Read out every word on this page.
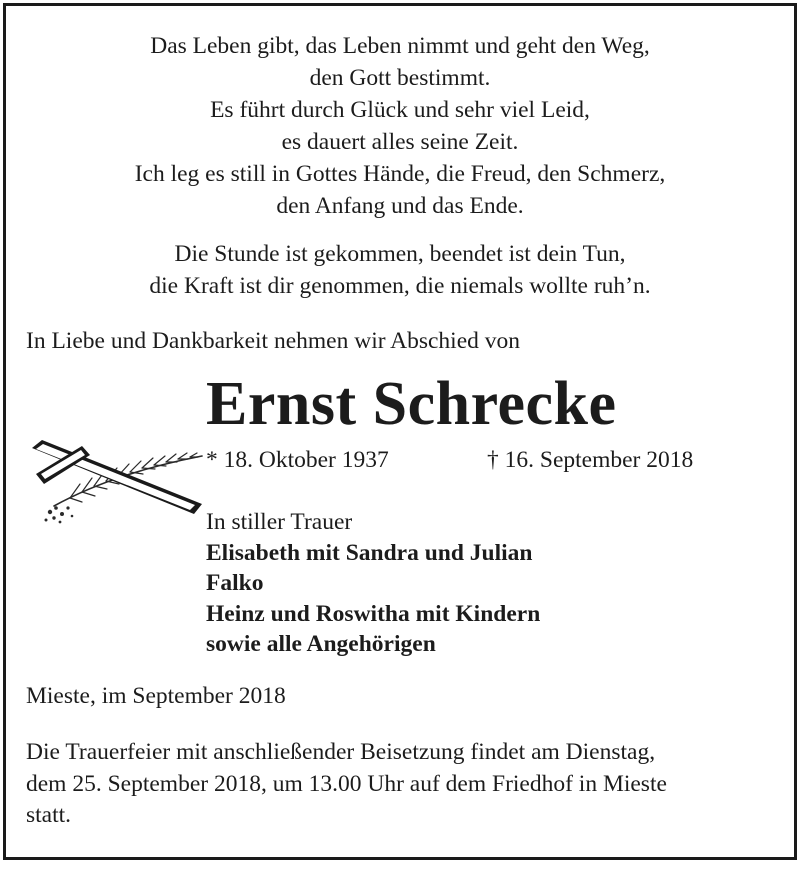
Das Leben gibt, das Leben nimmt und geht den Weg,
den Gott bestimmt.
Es führt durch Glück und sehr viel Leid,
es dauert alles seine Zeit.
Ich leg es still in Gottes Hände, die Freud, den Schmerz,
den Anfang und das Ende.
Die Stunde ist gekommen, beendet ist dein Tun,
die Kraft ist dir genommen, die niemals wollte ruh’n.
In Liebe und Dankbarkeit nehmen wir Abschied von
Ernst Schrecke
* 18. Oktober 1937	† 16. September 2018
In stiller Trauer
Elisabeth mit Sandra und Julian
Falko
Heinz und Roswitha mit Kindern
sowie alle Angehörigen
Mieste, im September 2018
Die Trauerfeier mit anschließender Beisetzung findet am Dienstag,
dem 25. September 2018, um 13.00 Uhr auf dem Friedhof in Mieste
statt.
